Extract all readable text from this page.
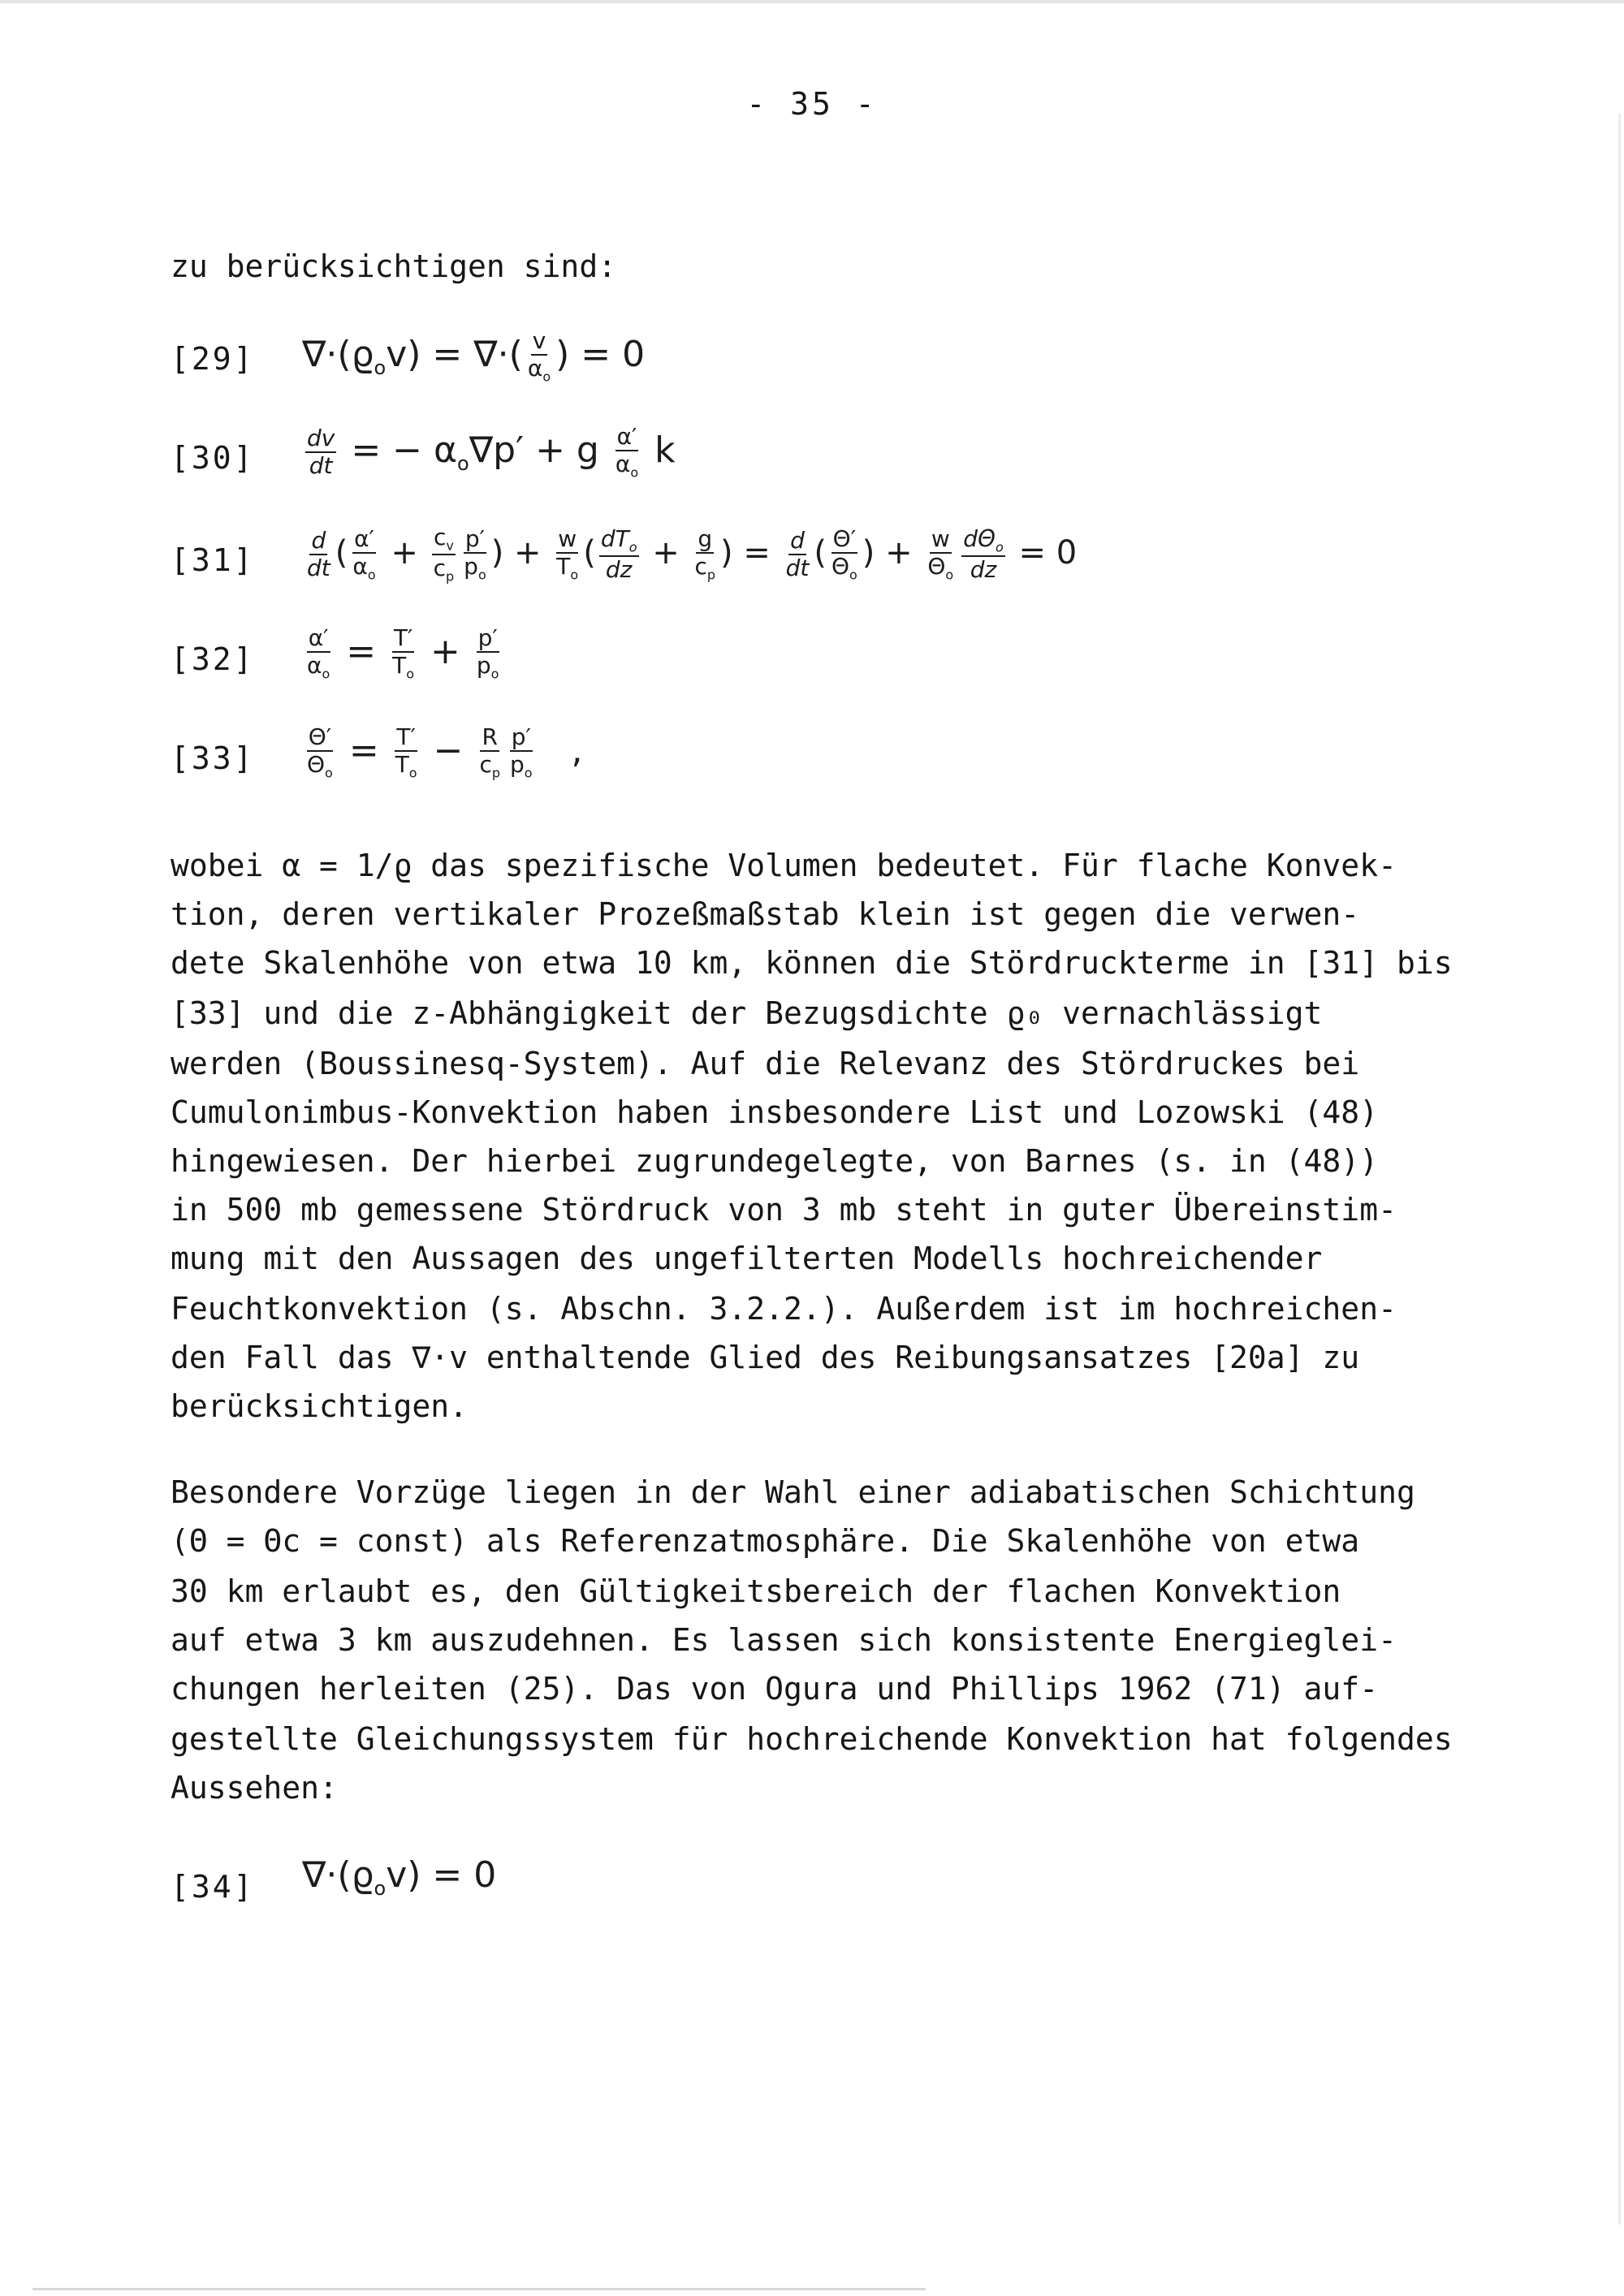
- 35 -
zu berücksichtigen sind:
[29] $\nabla\cdot(ϱ_ov)$ = ∇·( $\frac{v}{\alpha_o}$ ) = 0
$[30] \frac{dv}{dt}$ = − $\alpha_o\nabla p' + g \frac{\alpha'}{\alpha_o}$ k
$[31] \frac{d}{dt}$ ( $\frac{\alpha'}{\alpha_o} + \frac{c_v}{c_p} \frac{p'}{p_o}$ ) + $\frac{w}{T_o}$ ( $\frac{dT_o}{dz} + \frac{g}{c_p}$ ) = $\frac{d}{dt}$ ( $\frac{\Theta'}{\Theta_o}$ ) + $\frac{w}{\Theta_o} \frac{d\Theta_o}{dz} = 0$
$[32] \frac{\alpha'}{\alpha_o} = \frac{T'}{T_o} + \frac{p'}{p_o}$
$[33] \frac{\Theta'}{\Theta_o} = \frac{T'}{T_o} - \frac{R}{c_p} \frac{p'}{p_o}$ ,
wobei α = 1/ϱ das spezifische Volumen bedeutet. Für flache Konvek-
tion, deren vertikaler Prozeßmaßstab klein ist gegen die verwen-
dete Skalenhöhe von etwa 10 km, können die Stördruckterme in [31] bis
[33] und die z-Abhängigkeit der Bezugsdichte ϱ₀ vernachlässigt
werden (Boussinesq-System). Auf die Relevanz des Stördruckes bei
Cumulonimbus-Konvektion haben insbesondere List und Lozowski (48)
hingewiesen. Der hierbei zugrundegelegte, von Barnes (s. in (48))
in 500 mb gemessene Stördruck von 3 mb steht in guter Übereinstim-
mung mit den Aussagen des ungefilterten Modells hochreichender
Feuchtkonvektion (s. Abschn. 3.2.2.). Außerdem ist im hochreichen-
den Fall das ∇·v enthaltende Glied des Reibungsansatzes [20a] zu
berücksichtigen.
Besondere Vorzüge liegen in der Wahl einer adiabatischen Schichtung
(Θ = Θc = const) als Referenzatmosphäre. Die Skalenhöhe von etwa
30 km erlaubt es, den Gültigkeitsbereich der flachen Konvektion
auf etwa 3 km auszudehnen. Es lassen sich konsistente Energieglei-
chungen herleiten (25). Das von Ogura und Phillips 1962 (71) auf-
gestellte Gleichungssystem für hochreichende Konvektion hat folgendes
Aussehen:
[34] $\nabla\cdot(ϱ_ov) = 0$
